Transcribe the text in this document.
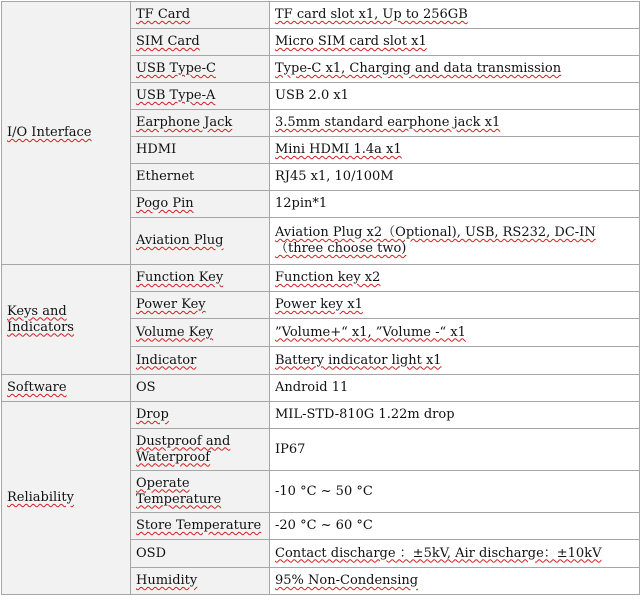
I/O Interface	TF Card	TF card slot x1, Up to 256GB
	SIM Card	Micro SIM card slot x1
	USB Type-C	Type-C x1, Charging and data transmission
	USB Type-A	USB 2.0 x1
	Earphone Jack	3.5mm standard earphone jack x1
	HDMI	Mini HDMI 1.4a x1
	Ethernet	RJ45 x1, 10/100M
	Pogo Pin	12pin*1
	Aviation Plug	Aviation Plug x2（Optional), USB, RS232, DC-IN（three choose two)
Keys and Indicators	Function Key	Function key x2
	Power Key	Power key x1
	Volume Key	”Volume+“ x1, ”Volume -“ x1
	Indicator	Battery indicator light x1
Software	OS	Android 11
Reliability	Drop	MIL-STD-810G 1.22m drop
	Dustproof and Waterproof	IP67
	Operate Temperature	-10 °C ~ 50 °C
	Store Temperature	-20 °C ~ 60 °C
	OSD	Contact discharge ：±5kV, Air discharge：±10kV
	Humidity	95% Non-Condensing
